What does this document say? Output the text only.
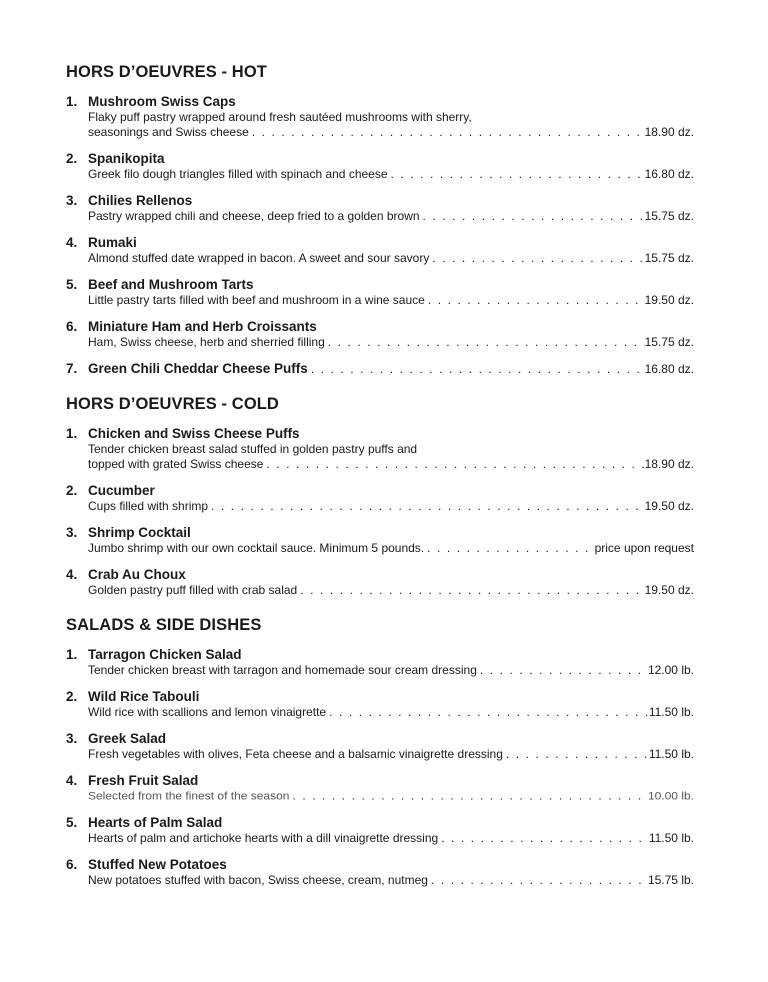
HORS D’OEUVRES - HOT
1. Mushroom Swiss Caps
Flaky puff pastry wrapped around fresh sautéed mushrooms with sherry,
seasonings and Swiss cheese . . .	18.90 dz.
2. Spanikopita
Greek filo dough triangles filled with spinach and cheese . . .	16.80 dz.
3. Chilies Rellenos
Pastry wrapped chili and cheese, deep fried to a golden brown . . .	15.75 dz.
4. Rumaki
Almond stuffed date wrapped in bacon. A sweet and sour savory . . .	15.75 dz.
5. Beef and Mushroom Tarts
Little pastry tarts filled with beef and mushroom in a wine sauce . . .	19.50 dz.
6. Miniature Ham and Herb Croissants
Ham, Swiss cheese, herb and sherried filling . . .	15.75 dz.
7. Green Chili Cheddar Cheese Puffs . . .	16.80 dz.
HORS D’OEUVRES - COLD
1. Chicken and Swiss Cheese Puffs
Tender chicken breast salad stuffed in golden pastry puffs and
topped with grated Swiss cheese . . .	18.90 dz.
2. Cucumber
Cups filled with shrimp . . .	19.50 dz.
3. Shrimp Cocktail
Jumbo shrimp with our own cocktail sauce. Minimum 5 pounds. . . .	price upon request
4. Crab Au Choux
Golden pastry puff filled with crab salad . . .	19.50 dz.
SALADS & SIDE DISHES
1. Tarragon Chicken Salad
Tender chicken breast with tarragon and homemade sour cream dressing . . .	12.00 lb.
2. Wild Rice Tabouli
Wild rice with scallions and lemon vinaigrette . . .	11.50 lb.
3. Greek Salad
Fresh vegetables with olives, Feta cheese and a balsamic vinaigrette dressing . . .	11.50 lb.
4. Fresh Fruit Salad
Selected from the finest of the season . . .	10.00 lb.
5. Hearts of Palm Salad
Hearts of palm and artichoke hearts with a dill vinaigrette dressing . . .	11.50 lb.
6. Stuffed New Potatoes
New potatoes stuffed with bacon, Swiss cheese, cream, nutmeg . . .	15.75 lb.
